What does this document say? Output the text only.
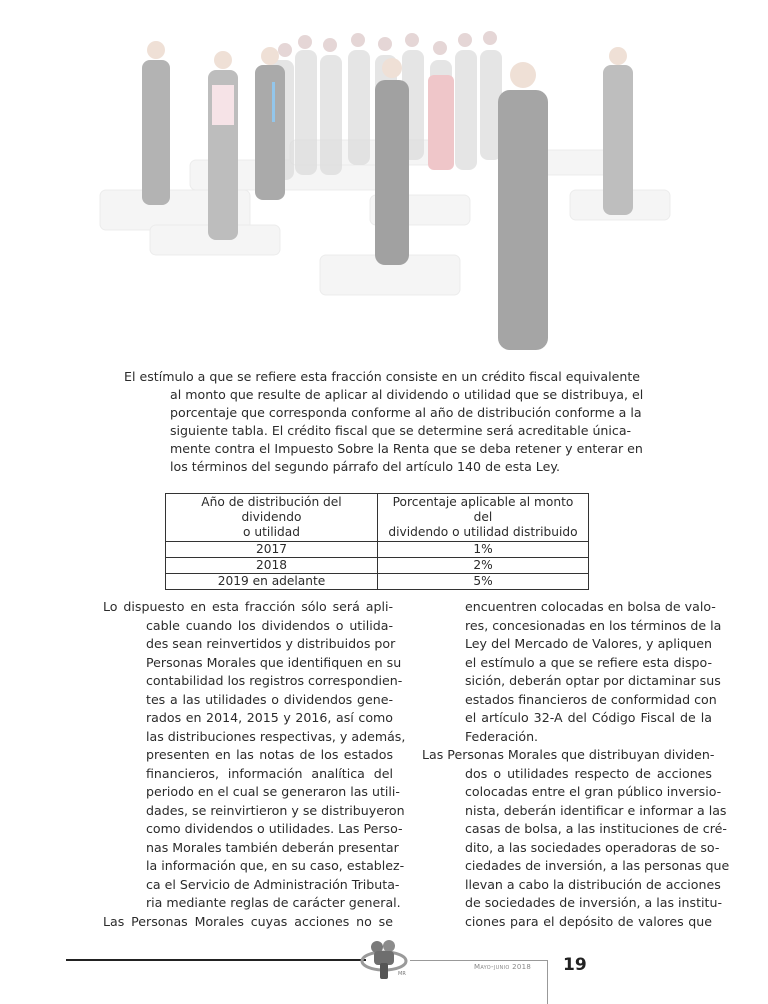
El estímulo a que se refiere esta fracción consiste en un crédito fiscal equivalente
al monto que resulte de aplicar al dividendo o utilidad que se distribuya, el
porcentaje que corresponda conforme al año de distribución conforme a la
siguiente tabla. El crédito fiscal que se determine será acreditable única-
mente contra el Impuesto Sobre la Renta que se deba retener y enterar en
los términos del segundo párrafo del artículo 140 de esta Ley.
Año de distribución del dividendo
o utilidad	Porcentaje aplicable al monto del
dividendo o utilidad distribuido
2017	1%
2018	2%
2019 en adelante	5%
Lo dispuesto en esta fracción sólo será apli-
cable cuando los dividendos o utilida-
des sean reinvertidos y distribuidos por
Personas Morales que identifiquen en su
contabilidad los registros correspondien-
tes a las utilidades o dividendos gene-
rados en 2014, 2015 y 2016, así como
las distribuciones respectivas, y además,
presenten en las notas de los estados
financieros, información analítica del
periodo en el cual se generaron las utili-
dades, se reinvirtieron y se distribuyeron
como dividendos o utilidades. Las Perso-
nas Morales también deberán presentar
la información que, en su caso, establez-
ca el Servicio de Administración Tributa-
ria mediante reglas de carácter general.
Las Personas Morales cuyas acciones no se
encuentren colocadas en bolsa de valo-
res, concesionadas en los términos de la
Ley del Mercado de Valores, y apliquen
el estímulo a que se refiere esta dispo-
sición, deberán optar por dictaminar sus
estados financieros de conformidad con
el artículo 32-A del Código Fiscal de la
Federación.
Las Personas Morales que distribuyan dividen-
dos o utilidades respecto de acciones
colocadas entre el gran público inversio-
nista, deberán identificar e informar a las
casas de bolsa, a las instituciones de cré-
dito, a las sociedades operadoras de so-
ciedades de inversión, a las personas que
llevan a cabo la distribución de acciones
de sociedades de inversión, a las institu-
ciones para el depósito de valores que
MR
Mayo-junio 2018 19
